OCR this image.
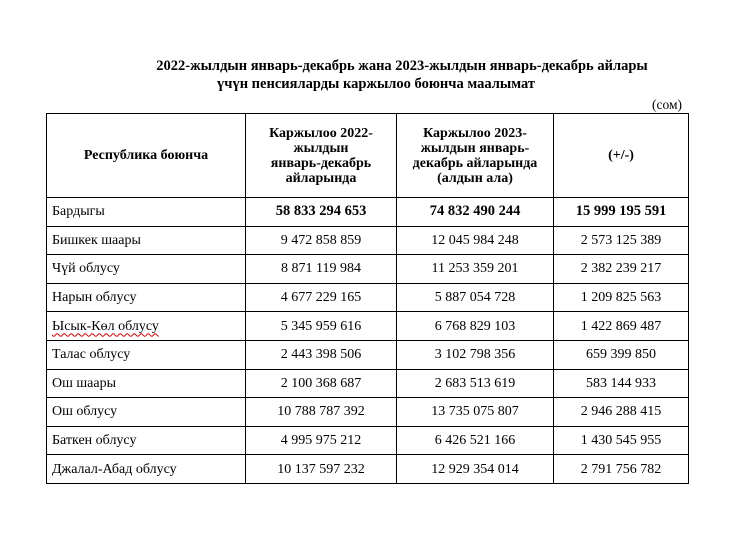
2022-жылдын январь-декабрь жана 2023-жылдын январь-декабрь айлары
үчүн пенсияларды каржылоо боюнча маалымат
(сом)
Республика боюнча	Каржылоо 2022-жылдын январь-декабрь айларында	Каржылоо 2023-жылдын январь-декабрь айларында (алдын ала)	(+/-)

Бардыгы	58 833 294 653	74 832 490 244	15 999 195 591
Бишкек шаары	9 472 858 859	12 045 984 248	2 573 125 389
Чүй облусу	8 871 119 984	11 253 359 201	2 382 239 217
Нарын облусу	4 677 229 165	5 887 054 728	1 209 825 563
Ысык-Көл облусу	5 345 959 616	6 768 829 103	1 422 869 487
Талас облусу	2 443 398 506	3 102 798 356	659 399 850
Ош шаары	2 100 368 687	2 683 513 619	583 144 933
Ош облусу	10 788 787 392	13 735 075 807	2 946 288 415
Баткен облусу	4 995 975 212	6 426 521 166	1 430 545 955
Джалал-Абад облусу	10 137 597 232	12 929 354 014	2 791 756 782
